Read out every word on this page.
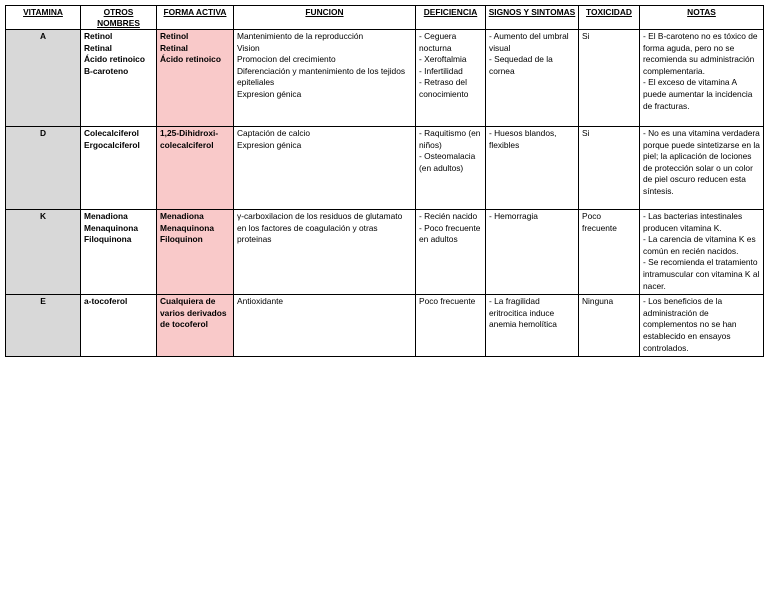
VITAMINA	OTROS NOMBRES	FORMA ACTIVA	FUNCION	DEFICIENCIA	SIGNOS Y SINTOMAS	TOXICIDAD	NOTAS
A	Retinol
Retinal
Ácido retinoico
B-caroteno	Retinol
Retinal
Ácido retinoico	Mantenimiento de la reproducción
Vision
Promocion del crecimiento
Diferenciación y mantenimiento de los tejidos epiteliales
Expresion génica	- Ceguera nocturna
- Xeroftalmia
- Infertilidad
- Retraso del conocimiento	- Aumento del umbral visual
- Sequedad de la cornea	Si	- El B-caroteno no es tóxico de forma aguda, pero no se recomienda su administración complementaria.
- El exceso de vitamina A puede aumentar la incidencia de fracturas.

D	Colecalciferol
Ergocalciferol	1,25-Dihidroxi-colecalciferol	Captación de calcio
Expresion génica	- Raquitismo (en niños)
- Osteomalacia (en adultos)	- Huesos blandos, flexibles	Si	- No es una vitamina verdadera porque puede sintetizarse en la piel; la aplicación de lociones de protección solar o un color de piel oscuro reducen esta síntesis.

K	Menadiona
Menaquinona
Filoquinona	Menadiona
Menaquinona
Filoquinon	γ-carboxilacion de los residuos de glutamato en los factores de coagulación y otras proteinas	- Recién nacido
- Poco frecuente en adultos	- Hemorragia	Poco frecuente	- Las bacterias intestinales producen vitamina K.
- La carencia de vitamina K es común en recién nacidos.
- Se recomienda el tratamiento intramuscular con vitamina K al nacer.

E	a-tocoferol	Cualquiera de varios derivados de tocoferol	Antioxidante	Poco frecuente	- La fragilidad eritrocitica induce anemia hemolítica	Ninguna	- Los beneficios de la administración de complementos no se han establecido en ensayos controlados.
